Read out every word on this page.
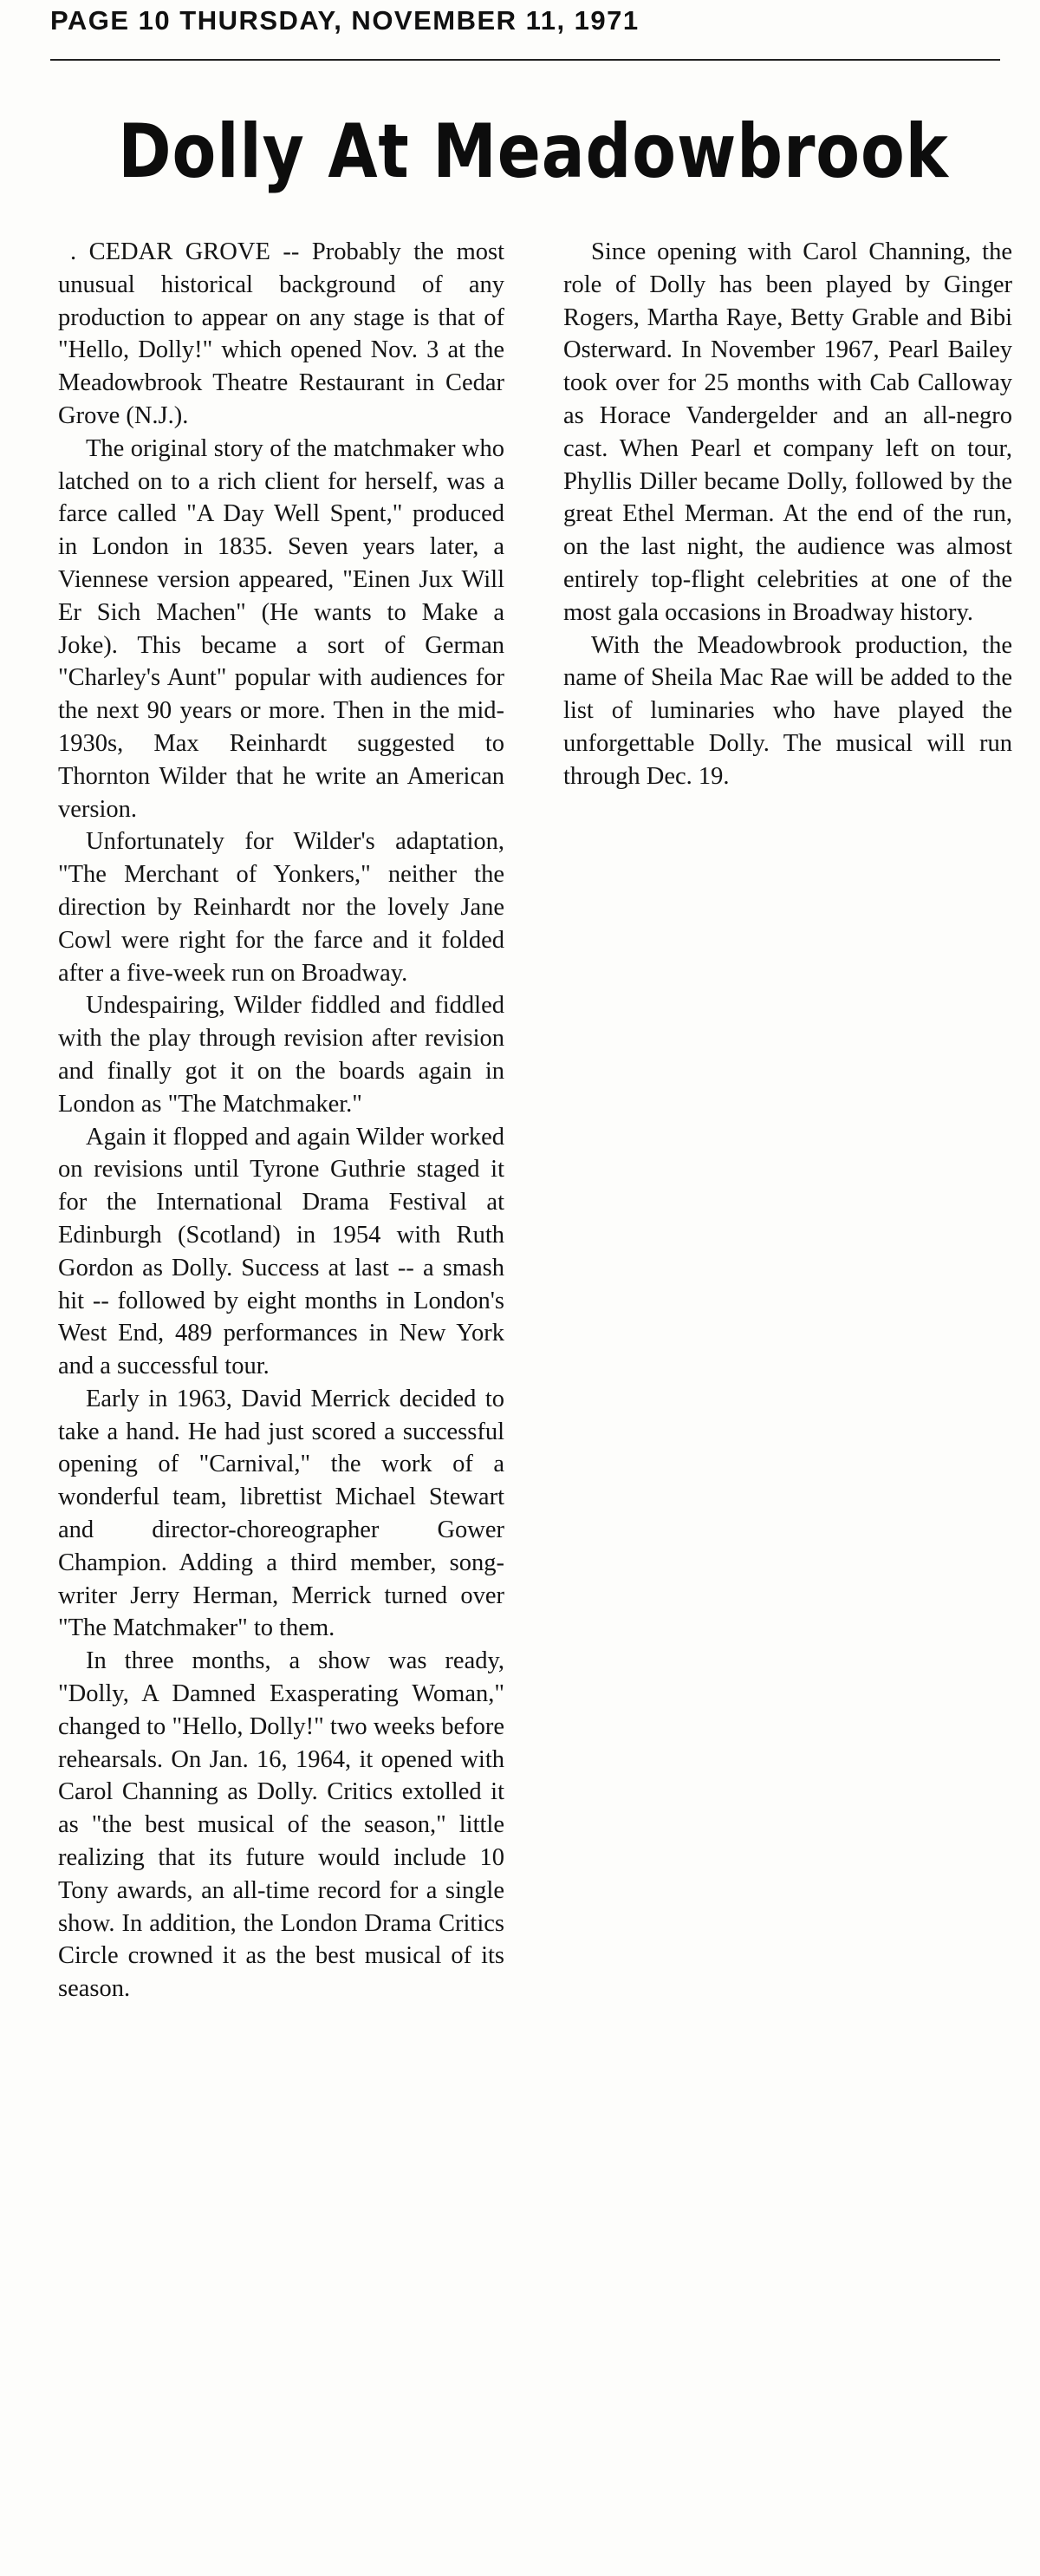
PAGE 10 THURSDAY, NOVEMBER 11, 1971
Dolly At Meadowbrook

. CEDAR GROVE -- Probably the most unusual historical background of any production to appear on any stage is that of "Hello, Dolly!" which opened Nov. 3 at the Meadowbrook Theatre Restaurant in Cedar Grove (N.J.).

The original story of the matchmaker who latched on to a rich client for herself, was a farce called "A Day Well Spent," produced in London in 1835. Seven years later, a Viennese version appeared, "Einen Jux Will Er Sich Machen" (He wants to Make a Joke). This became a sort of German "Charley's Aunt" popular with audiences for the next 90 years or more. Then in the mid-1930s, Max Reinhardt suggested to Thornton Wilder that he write an American version.

Unfortunately for Wilder's adaptation, "The Merchant of Yonkers," neither the direction by Reinhardt nor the lovely Jane Cowl were right for the farce and it folded after a five-week run on Broadway.

Undespairing, Wilder fiddled and fiddled with the play through revision after revision and finally got it on the boards again in London as "The Matchmaker."

Again it flopped and again Wilder worked on revisions until Tyrone Guthrie staged it for the International Drama Festival at Edinburgh (Scotland) in 1954 with Ruth Gordon as Dolly. Success at last -- a smash hit -- followed by eight months in London's West End, 489 performances in New York and a successful tour.

Early in 1963, David Merrick decided to take a hand. He had just scored a successful opening of "Carnival," the work of a wonderful team, librettist Michael Stewart and director-choreographer Gower Champion. Adding a third member, song-writer Jerry Herman, Merrick turned over "The Matchmaker" to them.

In three months, a show was ready, "Dolly, A Damned Exasperating Woman," changed to "Hello, Dolly!" two weeks before rehearsals. On Jan. 16, 1964, it opened with Carol Channing as Dolly. Critics extolled it as "the best musical of the season," little realizing that its future would include 10 Tony awards, an all-time record for a single show. In addition, the London Drama Critics Circle crowned it as the best musical of its season.

Since opening with Carol Channing, the role of Dolly has been played by Ginger Rogers, Martha Raye, Betty Grable and Bibi Osterward. In November 1967, Pearl Bailey took over for 25 months with Cab Calloway as Horace Vandergelder and an all-negro cast. When Pearl et company left on tour, Phyllis Diller became Dolly, followed by the great Ethel Merman. At the end of the run, on the last night, the audience was almost entirely top-flight celebrities at one of the most gala occasions in Broadway history.

With the Meadowbrook production, the name of Sheila Mac Rae will be added to the list of luminaries who have played the unforgettable Dolly. The musical will run through Dec. 19.
